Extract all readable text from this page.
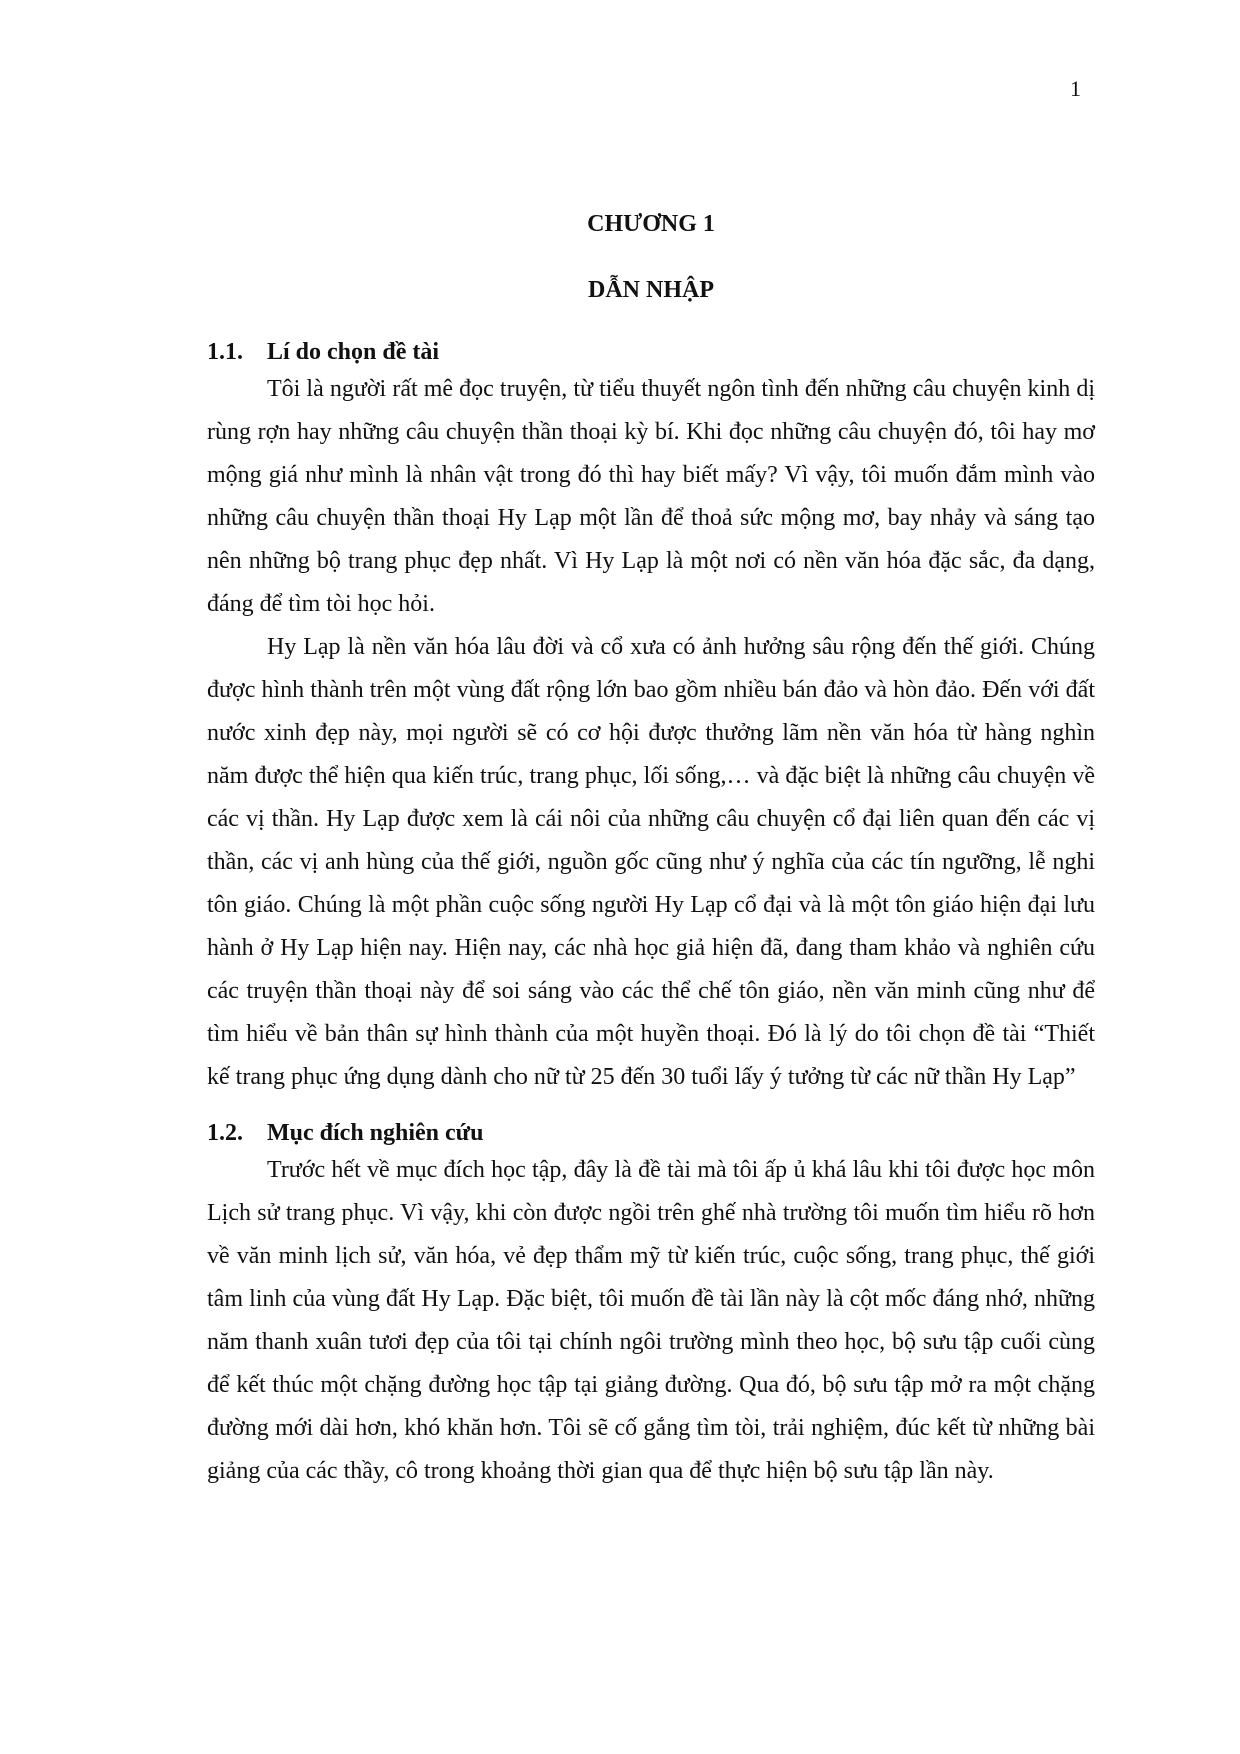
1
CHƯƠNG 1
DẪN NHẬP
1.1.	Lí do chọn đề tài

Tôi là người rất mê đọc truyện, từ tiểu thuyết ngôn tình đến những câu chuyện kinh dị rùng rợn hay những câu chuyện thần thoại kỳ bí. Khi đọc những câu chuyện đó, tôi hay mơ mộng giá như mình là nhân vật trong đó thì hay biết mấy? Vì vậy, tôi muốn đắm mình vào những câu chuyện thần thoại Hy Lạp một lần để thoả sức mộng mơ, bay nhảy và sáng tạo nên những bộ trang phục đẹp nhất. Vì Hy Lạp là một nơi có nền văn hóa đặc sắc, đa dạng, đáng để tìm tòi học hỏi.

Hy Lạp là nền văn hóa lâu đời và cổ xưa có ảnh hưởng sâu rộng đến thế giới. Chúng được hình thành trên một vùng đất rộng lớn bao gồm nhiều bán đảo và hòn đảo. Đến với đất nước xinh đẹp này, mọi người sẽ có cơ hội được thưởng lãm nền văn hóa từ hàng nghìn năm được thể hiện qua kiến trúc, trang phục, lối sống,… và đặc biệt là những câu chuyện về các vị thần. Hy Lạp được xem là cái nôi của những câu chuyện cổ đại liên quan đến các vị thần, các vị anh hùng của thế giới, nguồn gốc cũng như ý nghĩa của các tín ngưỡng, lễ nghi tôn giáo. Chúng là một phần cuộc sống người Hy Lạp cổ đại và là một tôn giáo hiện đại lưu hành ở Hy Lạp hiện nay. Hiện nay, các nhà học giả hiện đã, đang tham khảo và nghiên cứu các truyện thần thoại này để soi sáng vào các thể chế tôn giáo, nền văn minh cũng như để tìm hiểu về bản thân sự hình thành của một huyền thoại. Đó là lý do tôi chọn đề tài “Thiết kế trang phục ứng dụng dành cho nữ từ 25 đến 30 tuổi lấy ý tưởng từ các nữ thần Hy Lạp”

1.2.	Mục đích nghiên cứu

Trước hết về mục đích học tập, đây là đề tài mà tôi ấp ủ khá lâu khi tôi được học môn Lịch sử trang phục. Vì vậy, khi còn được ngồi trên ghế nhà trường tôi muốn tìm hiểu rõ hơn về văn minh lịch sử, văn hóa, vẻ đẹp thẩm mỹ từ kiến trúc, cuộc sống, trang phục, thế giới tâm linh của vùng đất Hy Lạp. Đặc biệt, tôi muốn đề tài lần này là cột mốc đáng nhớ, những năm thanh xuân tươi đẹp của tôi tại chính ngôi trường mình theo học, bộ sưu tập cuối cùng để kết thúc một chặng đường học tập tại giảng đường. Qua đó, bộ sưu tập mở ra một chặng đường mới dài hơn, khó khăn hơn. Tôi sẽ cố gắng tìm tòi, trải nghiệm, đúc kết từ những bài giảng của các thầy, cô trong khoảng thời gian qua để thực hiện bộ sưu tập lần này.
